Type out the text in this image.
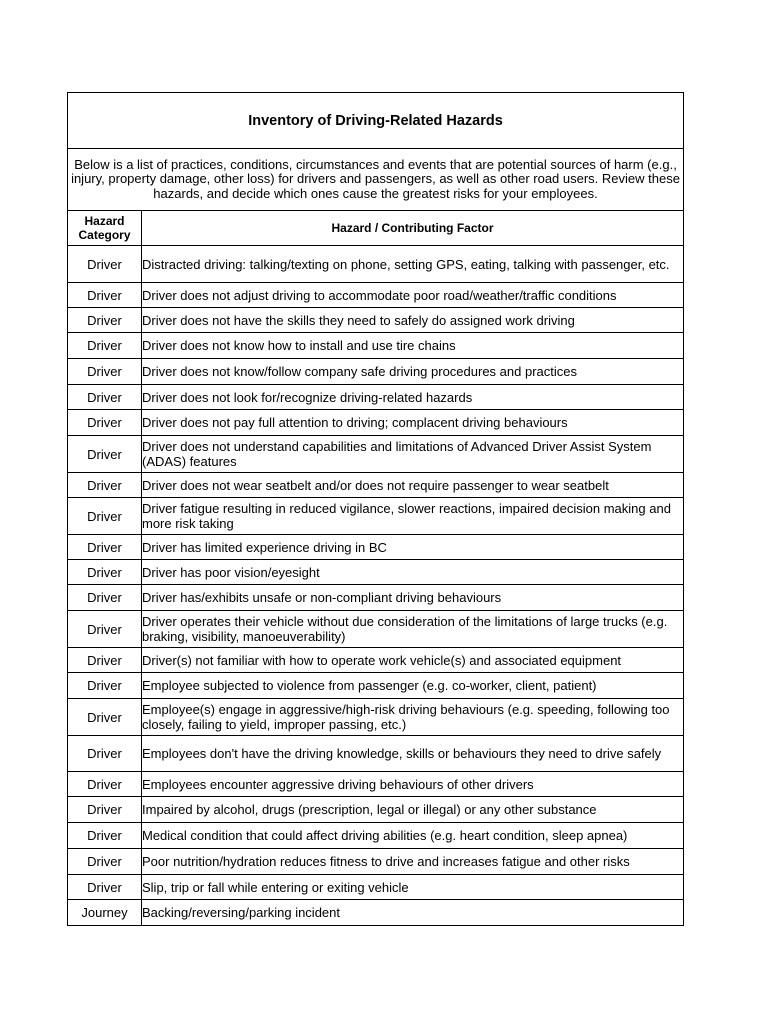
Inventory of Driving-Related Hazards	
Below is a list of practices, conditions, circumstances and events that are potential sources of harm (e.g., injury, property damage, other loss) for drivers and passengers, as well as other road users. Review these hazards, and decide which ones cause the greatest risks for your employees.	
Hazard Category	Hazard / Contributing Factor
Driver	Distracted driving: talking/texting on phone, setting GPS, eating, talking with passenger, etc.
Driver	Driver does not adjust driving to accommodate poor road/weather/traffic conditions
Driver	Driver does not have the skills they need to safely do assigned work driving
Driver	Driver does not know how to install and use tire chains
Driver	Driver does not know/follow company safe driving procedures and practices
Driver	Driver does not look for/recognize driving-related hazards
Driver	Driver does not pay full attention to driving; complacent driving behaviours
Driver	Driver does not understand capabilities and limitations of Advanced Driver Assist System (ADAS) features
Driver	Driver does not wear seatbelt and/or does not require passenger to wear seatbelt
Driver	Driver fatigue resulting in reduced vigilance, slower reactions, impaired decision making and more risk taking
Driver	Driver has limited experience driving in BC
Driver	Driver has poor vision/eyesight
Driver	Driver has/exhibits unsafe or non-compliant driving behaviours
Driver	Driver operates their vehicle without due consideration of the limitations of large trucks (e.g. braking, visibility, manoeuverability)
Driver	Driver(s) not familiar with how to operate work vehicle(s) and associated equipment
Driver	Employee subjected to violence from passenger (e.g. co-worker, client, patient)
Driver	Employee(s) engage in aggressive/high-risk driving behaviours (e.g. speeding, following too closely, failing to yield, improper passing, etc.)
Driver	Employees don't have the driving knowledge, skills or behaviours they need to drive safely
Driver	Employees encounter aggressive driving behaviours of other drivers
Driver	Impaired by alcohol, drugs (prescription, legal or illegal) or any other substance
Driver	Medical condition that could affect driving abilities (e.g. heart condition, sleep apnea)
Driver	Poor nutrition/hydration reduces fitness to drive and increases fatigue and other risks
Driver	Slip, trip or fall while entering or exiting vehicle
Journey	Backing/reversing/parking incident
